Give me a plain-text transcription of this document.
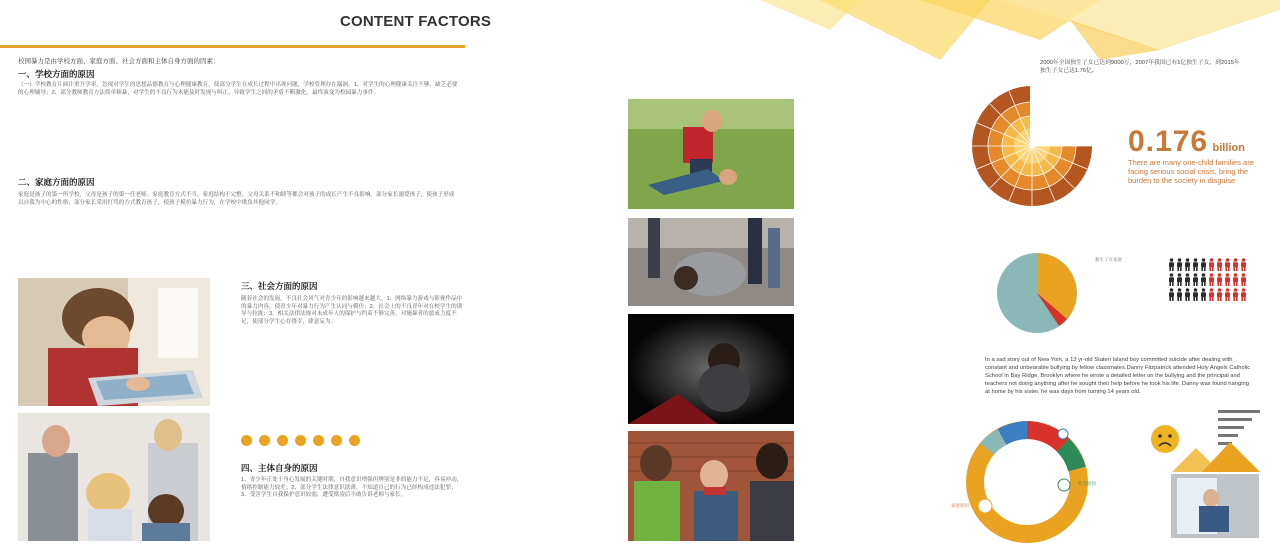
CONTENT FACTORS
校园暴力是由学校方面、家庭方面、社会方面和主体自身方面的因素：
一、学校方面的原因
（一）学校教育片面注重升学率，忽视对学生的思想品德教育与心理健康教育，使部分学生在成长过程中出现问题，学校管理存在漏洞。1、对学生的心理健康关注不够，缺乏必要的心理辅导；2、部分教师教育方法简单粗暴，对学生的不良行为未能及时发现与纠正，导致学生之间的矛盾不断激化，最终演变为校园暴力事件。
二、家庭方面的原因
家庭是孩子的第一所学校，父母是孩子的第一任老师。家庭教育方式不当、家庭结构不完整、父母关系不和睦等都会对孩子的成长产生不良影响。部分家长溺爱孩子，使孩子形成以自我为中心的性格；部分家长采用打骂的方式教育孩子，使孩子模仿暴力行为，在学校中欺负其他同学。
三、社会方面的原因
随着社会的发展，不良社会风气对青少年的影响越来越大。1、网络暴力游戏与影视作品中的暴力内容，使青少年对暴力行为产生认同与模仿；2、社会上的不良青年对在校学生的诱导与拉拢；3、相关法律法规对未成年人的保护与约束不够完善，对施暴者的惩戒力度不足，使部分学生心存侥幸，肆意妄为。
四、主体自身的原因
1、青少年正处于身心发展的关键时期，自我意识增强但辨别是非的能力不足，容易冲动，情绪控制能力较差；2、部分学生法律意识淡薄，不知道自己的行为已经构成违法犯罪；3、受害学生自我保护意识较弱，遭受欺凌后不敢告诉老师与家长。
2000年全国独生子女已达到9000万，2007年我国已有1亿独生子女，到2015年独生子女已达1.76亿。
0.176 billion
There are many one-child families are facing serious social crisis, bring the burden to the society in disguise
独生子女家庭
In a sad story out of New York, a 13 yr-old Staten Island boy committed suicide after dealing with constant and unbearable bullying by fellow classmates.Danny Fitzpatrick attended Holy Angels Catholic School in Bay Ridge, Brooklyn where he wrote a detailed letter on the bullying and the principal and teachers not doing anything after he sought their help before he took his life. Danny was found hanging at home by his sister, he was days from turning 14 years old.
家庭原因
社会原因
